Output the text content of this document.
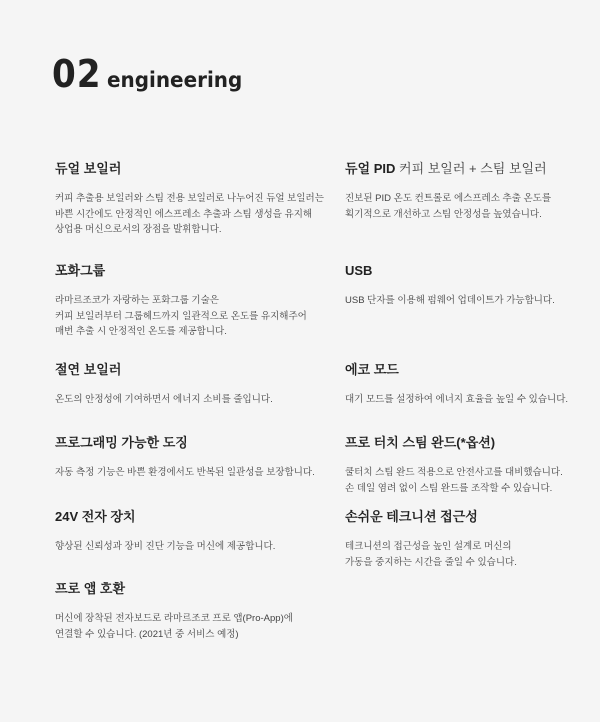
02 engineering
듀얼 보일러

커피 추출용 보일러와 스팀 전용 보일러로 나누어진 듀얼 보일러는
바쁜 시간에도 안정적인 에스프레소 추출과 스팀 생성을 유지해
상업용 머신으로서의 장점을 발휘합니다.

듀얼 PID 커피 보일러 + 스팀 보일러

진보된 PID 온도 컨트롤로 에스프레소 추출 온도를
획기적으로 개선하고 스팀 안정성을 높였습니다.

포화그룹

라마르조코가 자랑하는 포화그룹 기술은
커피 보일러부터 그룹헤드까지 일관적으로 온도를 유지해주어
매번 추출 시 안정적인 온도를 제공합니다.

USB

USB 단자를 이용해 펌웨어 업데이트가 가능합니다.

절연 보일러

온도의 안정성에 기여하면서 에너지 소비를 줄입니다.

에코 모드

대기 모드를 설정하여 에너지 효율을 높일 수 있습니다.

프로그래밍 가능한 도징

자동 측정 기능은 바쁜 환경에서도 반복된 일관성을 보장합니다.

프로 터치 스팀 완드(*옵션)

쿨터치 스팀 완드 적용으로 안전사고를 대비했습니다.
손 데일 염려 없이 스팀 완드를 조작할 수 있습니다.

24V 전자 장치

향상된 신뢰성과 장비 진단 기능을 머신에 제공합니다.

손쉬운 테크니션 접근성

테크니션의 접근성을 높인 설계로 머신의
가동을 중지하는 시간을 줄일 수 있습니다.

프로 앱 호환

머신에 장착된 전자보드로 라마르조코 프로 앱(Pro-App)에
연결할 수 있습니다. (2021년 중 서비스 예정)
